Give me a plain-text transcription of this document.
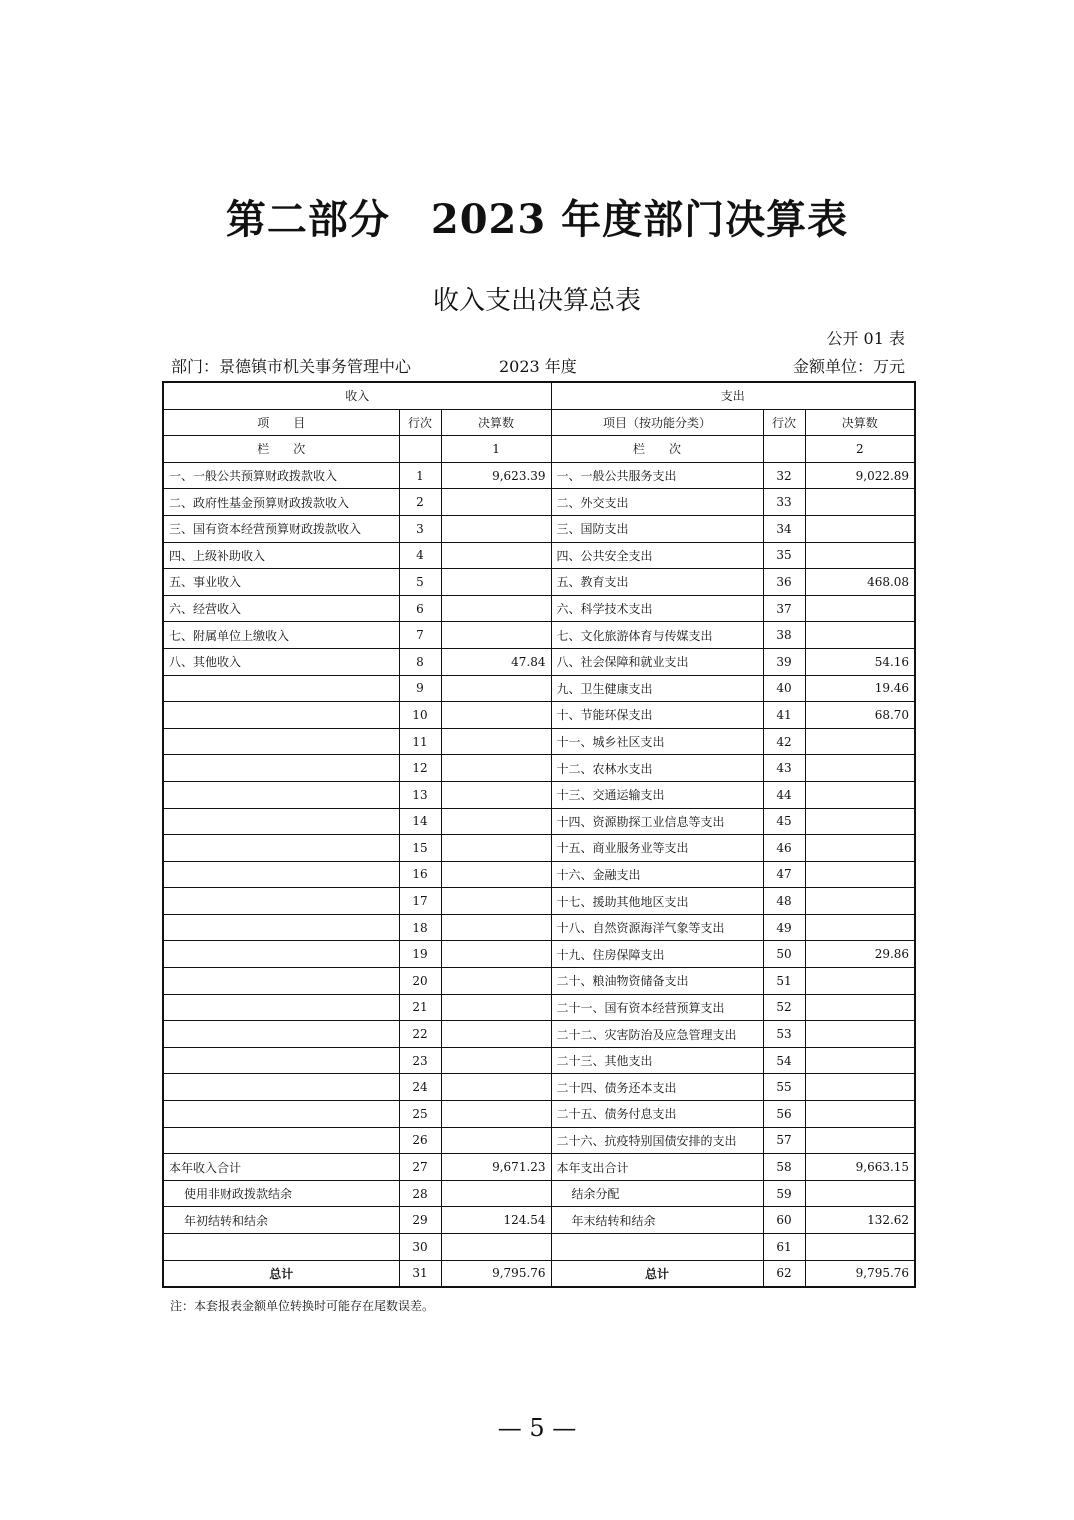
第二部分　2023 年度部门决算表
收入支出决算总表
公开 01 表
部门：景德镇市机关事务管理中心	2023 年度	金额单位：万元
收入			支出		
项　　目	行次	决算数	项目（按功能分类）	行次	决算数
栏　　次		1	栏　　次		2
一、一般公共预算财政拨款收入	1	9,623.39	一、一般公共服务支出	32	9,022.89
二、政府性基金预算财政拨款收入	2		二、外交支出	33	
三、国有资本经营预算财政拨款收入	3		三、国防支出	34	
四、上级补助收入	4		四、公共安全支出	35	
五、事业收入	5		五、教育支出	36	468.08
六、经营收入	6		六、科学技术支出	37	
七、附属单位上缴收入	7		七、文化旅游体育与传媒支出	38	
八、其他收入	8	47.84	八、社会保障和就业支出	39	54.16
	9		九、卫生健康支出	40	19.46
	10		十、节能环保支出	41	68.70
	11		十一、城乡社区支出	42	
	12		十二、农林水支出	43	
	13		十三、交通运输支出	44	
	14		十四、资源勘探工业信息等支出	45	
	15		十五、商业服务业等支出	46	
	16		十六、金融支出	47	
	17		十七、援助其他地区支出	48	
	18		十八、自然资源海洋气象等支出	49	
	19		十九、住房保障支出	50	29.86
	20		二十、粮油物资储备支出	51	
	21		二十一、国有资本经营预算支出	52	
	22		二十二、灾害防治及应急管理支出	53	
	23		二十三、其他支出	54	
	24		二十四、债务还本支出	55	
	25		二十五、债务付息支出	56	
	26		二十六、抗疫特别国债安排的支出	57	
本年收入合计	27	9,671.23	本年支出合计	58	9,663.15
使用非财政拨款结余	28		结余分配	59	
年初结转和结余	29	124.54	年末结转和结余	60	132.62
	30			61	
总计	31	9,795.76	总计	62	9,795.76
注：本套报表金额单位转换时可能存在尾数误差。
— 5 —
